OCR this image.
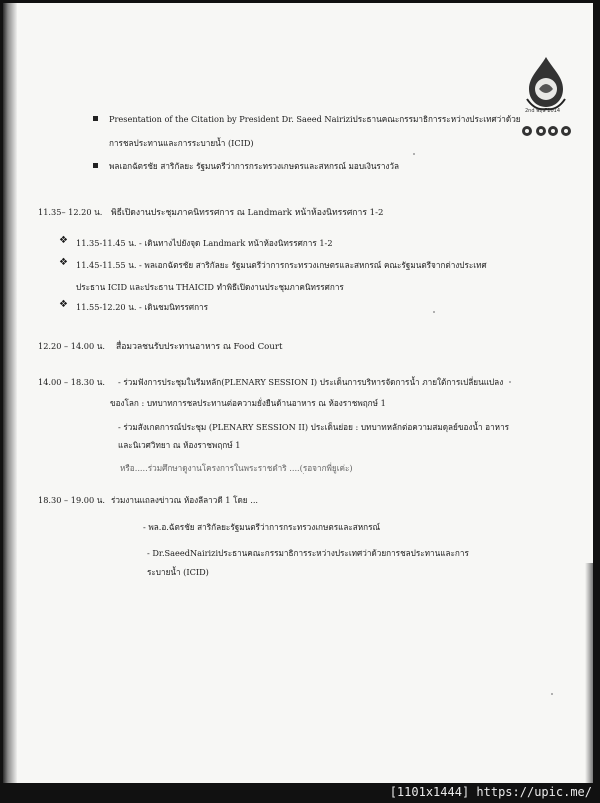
2nd พฤษ 2014
Presentation of the Citation by President Dr. Saeed Nairiziประธานคณะกรรมาธิการระหว่างประเทศว่าด้วย
การชลประทานและการระบายน้ำ (ICID)
พลเอกฉัตรชัย สาริกัลยะ รัฐมนตรีว่าการกระทรวงเกษตรและสหกรณ์ มอบเงินรางวัล
11.35– 12.20 น. พิธีเปิดงานประชุมภาคนิทรรศการ ณ Landmark หน้าห้องนิทรรศการ 1-2
❖ 11.35-11.45 น. - เดินทางไปยังจุด Landmark หน้าห้องนิทรรศการ 1-2
❖ 11.45-11.55 น. - พลเอกฉัตรชัย สาริกัลยะ รัฐมนตรีว่าการกระทรวงเกษตรและสหกรณ์ คณะรัฐมนตรีจากต่างประเทศ
ประธาน ICID และประธาน THAICID ทำพิธีเปิดงานประชุมภาคนิทรรศการ
❖ 11.55-12.20 น. - เดินชมนิทรรศการ
12.20 – 14.00 น. สื่อมวลชนรับประทานอาหาร ณ Food Court
14.00 – 18.30 น. - ร่วมฟังการประชุมในรีมหลัก(PLENARY SESSION I) ประเด็นการบริหารจัดการน้ำ ภายใต้การเปลี่ยนแปลง
ของโลก : บทบาทการชลประทานต่อความยั่งยืนด้านอาหาร ณ ห้องราชพฤกษ์ 1
- ร่วมสังเกตการณ์ประชุม (PLENARY SESSION II) ประเด็นย่อย : บทบาทหลักต่อความสมดุลย์ของน้ำ อาหาร
และนิเวศวิทยา ณ ห้องราชพฤกษ์ 1
หรือ.....ร่วมศึกษาดูงานโครงการในพระราชดำริ ....(รอจากพี่ยูเค่ะ)
18.30 – 19.00 น. ร่วมงานแถลงข่าวณ ห้องลีลาวดี 1 โดย ...
- พล.อ.ฉัตรชัย สาริกัลยะรัฐมนตรีว่าการกระทรวงเกษตรและสหกรณ์
- Dr.SaeedNairiziประธานคณะกรรมาธิการระหว่างประเทศว่าด้วยการชลประทานและการ
ระบายน้ำ (ICID)
[1101x1444] https://upic.me/
